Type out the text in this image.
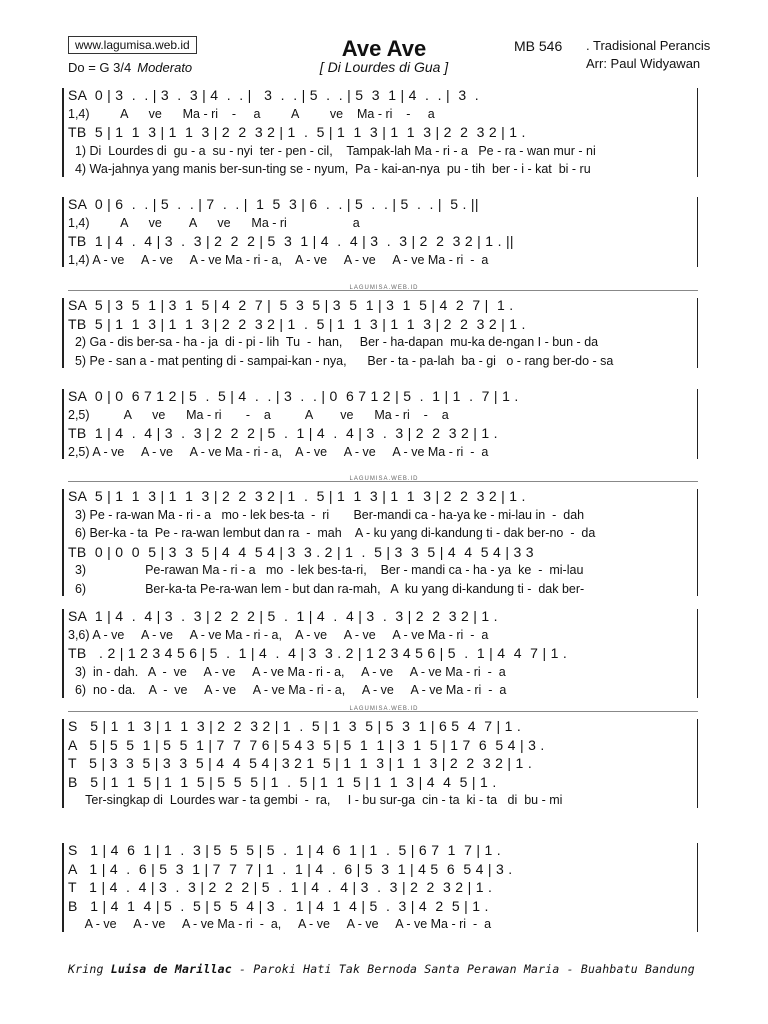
www.lagumisa.web.id
Do = G 3/4 Moderato
Ave Ave
[ Di Lourdes di Gua ]
MB 546 . Tradisional Perancis
Arr: Paul Widyawan
SA  0 | 3  .  . | 3  .  3 | 4  .  . |   3  .  . | 5  .  . | 5  3  1 | 4  .  . |  3  .
1,4)         A      ve      Ma - ri    -     a         A         ve    Ma - ri    -     a
TB  5 | 1  1  3 | 1  1  3 | 2  2  3 2 | 1  .  5 | 1  1  3 | 1  1  3 | 2  2  3 2 | 1 .
1) Di  Lourdes di  gu - a  su - nyi  ter - pen - cil,    Tampak-lah Ma - ri - a   Pe - ra - wan mur - ni
4) Wa-jahnya yang manis ber-sun-ting se - nyum,  Pa - kai-an-nya  pu - tih  ber - i - kat  bi - ru
SA  0 | 6  .  . | 5  .  . | 7  .  . |  1  5  3 | 6  .  . | 5  .  . | 5  .  . |  5 . ||
1,4)         A      ve        A      ve      Ma - ri                   a
TB  1 | 4  .  4 | 3  .  3 | 2  2  2 | 5  3  1 | 4  .  4 | 3  .  3 | 2  2  3 2 | 1 . ||
1,4) A - ve     A - ve     A - ve Ma - ri - a,    A - ve     A - ve     A - ve Ma - ri  -  a
SA  5 | 3  5  1 | 3  1  5 | 4  2  7 |  5  3  5 | 3  5  1 | 3  1  5 | 4  2  7 |  1 .
TB  5 | 1  1  3 | 1  1  3 | 2  2  3 2 | 1  .  5 | 1  1  3 | 1  1  3 | 2  2  3 2 | 1 .
2) Ga - dis ber-sa - ha - ja  di - pi - lih  Tu  -  han,     Ber - ha-dapan  mu-ka de-ngan I - bun - da
5) Pe - san a - mat penting di - sampai-kan - nya,      Ber - ta - pa-lah  ba - gi   o - rang ber-do - sa
SA  0 | 0  6 7 1 2 | 5  .  5 | 4  .  . | 3  .  . | 0  6 7 1 2 | 5  .  1 | 1  .  7 | 1 .
2,5)          A      ve      Ma - ri       -    a          A        ve      Ma - ri    -    a
TB  1 | 4  .  4 | 3  .  3 | 2  2  2 | 5  .  1 | 4  .  4 | 3  .  3 | 2  2  3 2 | 1 .
2,5) A - ve     A - ve     A - ve Ma - ri - a,    A - ve     A - ve     A - ve Ma - ri  -  a
SA  5 | 1  1  3 | 1  1  3 | 2  2  3 2 | 1  .  5 | 1  1  3 | 1  1  3 | 2  2  3 2 | 1 .
3) Pe - ra-wan Ma - ri - a   mo - lek bes-ta  -  ri       Ber-mandi ca - ha-ya ke - mi-lau in  -  dah
6) Ber-ka - ta  Pe - ra-wan lembut dan ra  -  mah    A - ku yang di-kandung ti - dak ber-no  -  da
TB  0 | 0  0  5 | 3  3  5 | 4  4  5 4 | 3  3 . 2 | 1  .  5 | 3  3  5 | 4  4  5 4 | 3 3
3)                 Pe-rawan Ma - ri - a   mo  - lek bes-ta-ri,    Ber - mandi ca - ha - ya  ke  -  mi-lau
6)                 Ber-ka-ta Pe-ra-wan lem - but dan ra-mah,   A  ku yang di-kandung ti -  dak ber-
SA  1 | 4  .  4 | 3  .  3 | 2  2  2 | 5  .  1 | 4  .  4 | 3  .  3 | 2  2  3 2 | 1 .
3,6) A - ve     A - ve     A - ve Ma - ri - a,    A - ve     A - ve     A - ve Ma - ri  -  a
TB   . 2 | 1 2 3 4 5 6 | 5  .  1 | 4  .  4 | 3  3 . 2 | 1 2 3 4 5 6 | 5  .  1 | 4  4  7 | 1 .
3)  in - dah.   A  -  ve     A - ve     A - ve Ma - ri - a,     A - ve     A - ve Ma - ri  -  a
6)  no - da.    A  -  ve     A - ve     A - ve Ma - ri - a,     A - ve     A - ve Ma - ri  -  a
S   5 | 1  1  3 | 1  1  3 | 2  2  3 2 | 1  .  5 | 1  3  5 | 5  3  1 | 6 5  4  7 | 1 .
A   5 | 5  5  1 | 5  5  1 | 7  7  7 6 | 5 4 3  5 | 5  1  1 | 3  1  5 | 1 7  6  5 4 | 3 .
T   5 | 3  3  5 | 3  3  5 | 4  4  5 4 | 3 2 1  5 | 1  1  3 | 1  1  3 | 2  2  3 2 | 1 .
B   5 | 1  1  5 | 1  1  5 | 5  5  5 | 1  .  5 | 1  1  5 | 1  1  3 | 4  4  5 | 1 .
Ter-singkap di  Lourdes war - ta gembi  -  ra,     I - bu sur-ga  cin - ta  ki - ta   di  bu - mi
S   1 | 4  6  1 | 1  .  3 | 5  5  5 | 5  .  1 | 4  6  1 | 1  .  5 | 6 7  1  7 | 1 .
A   1 | 4  .  6 | 5  3  1 | 7  7  7 | 1  .  1 | 4  .  6 | 5  3  1 | 4 5  6  5 4 | 3 .
T   1 | 4  .  4 | 3  .  3 | 2  2  2 | 5  .  1 | 4  .  4 | 3  .  3 | 2  2  3 2 | 1 .
B   1 | 4  1  4 | 5  .  5 | 5  5  4 | 3  .  1 | 4  1  4 | 5  .  3 | 4  2  5 | 1 .
A - ve     A - ve     A - ve Ma - ri  -  a,     A - ve     A - ve     A - ve Ma - ri  -  a
LAGUMISA.WEB.ID
LAGUMISA.WEB.ID
LAGUMISA.WEB.ID
Kring Luisa de Marillac - Paroki Hati Tak Bernoda Santa Perawan Maria - Buahbatu Bandung
